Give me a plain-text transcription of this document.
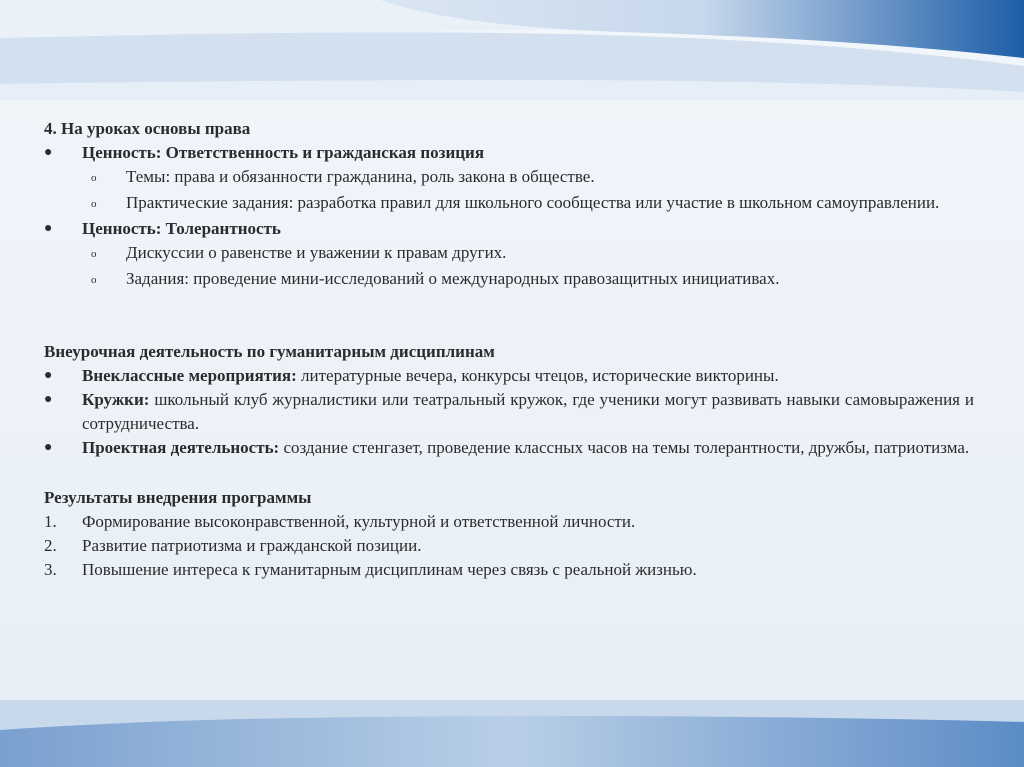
4. На уроках основы права
●	Ценность: Ответственность и гражданская позиция
o	Темы: права и обязанности гражданина, роль закона в обществе.
o	Практические задания: разработка правил для школьного сообщества или участие в школьном самоуправлении.
●	Ценность: Толерантность
o	Дискуссии о равенстве и уважении к правам других.
o	Задания: проведение мини-исследований о международных правозащитных инициативах.
Внеурочная деятельность по гуманитарным дисциплинам
●	Внеклассные мероприятия: литературные вечера, конкурсы чтецов, исторические викторины.
●	Кружки: школьный клуб журналистики или театральный кружок, где ученики могут развивать навыки самовыражения и сотрудничества.
●	Проектная деятельность: создание стенгазет, проведение классных часов на темы толерантности, дружбы, патриотизма.
Результаты внедрения программы
1.	Формирование высоконравственной, культурной и ответственной личности.
2.	Развитие патриотизма и гражданской позиции.
3.	Повышение интереса к гуманитарным дисциплинам через связь с реальной жизнью.
